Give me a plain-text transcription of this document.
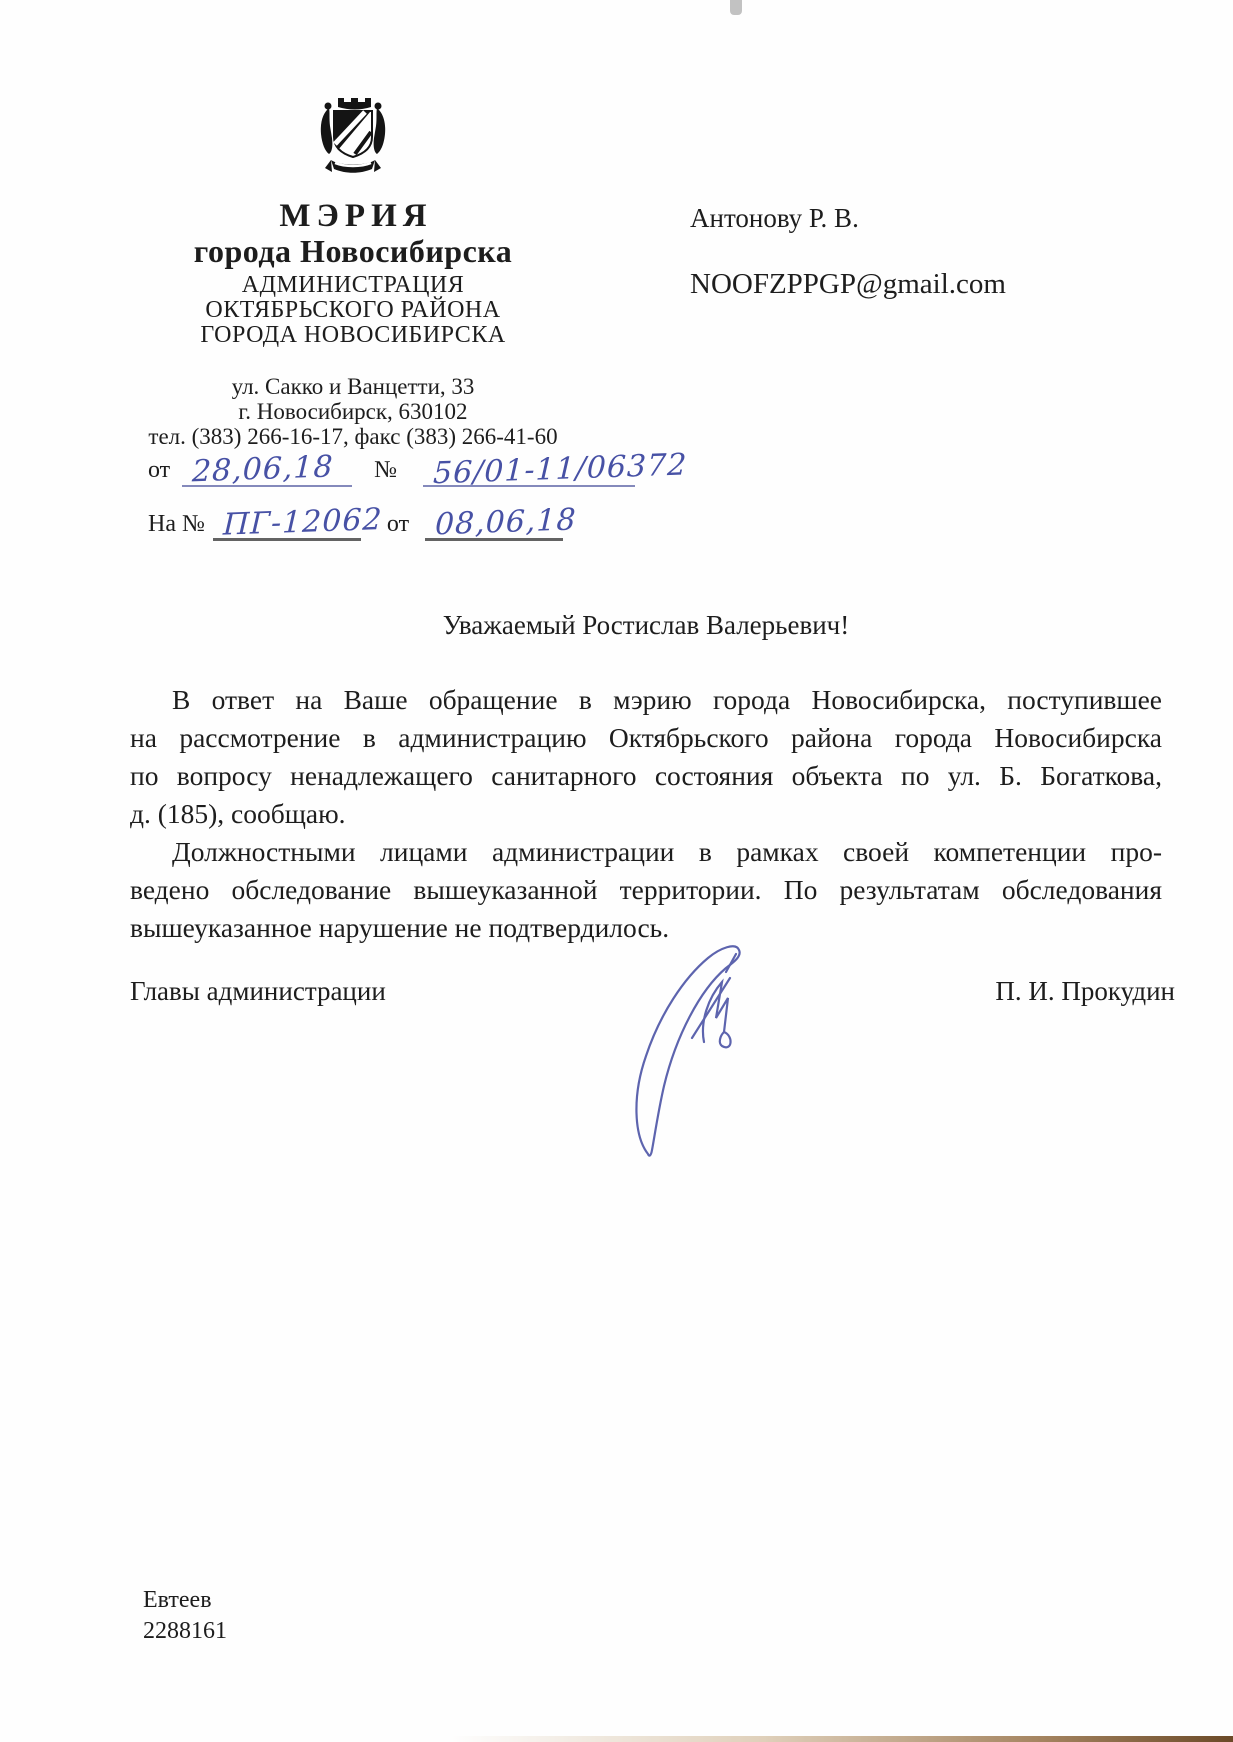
МЭРИЯ
города Новосибирска
АДМИНИСТРАЦИЯ
ОКТЯБРЬСКОГО РАЙОНА
ГОРОДА НОВОСИБИРСКА
ул. Сакко и Ванцетти, 33
г. Новосибирск, 630102
тел. (383) 266-16-17, факс (383) 266-41-60
от 28,06,18 №	56/01-11/06372
На № ПГ-12062 от 08,06,18
Антонову Р. В.
NOOFZPPGP@gmail.com
Уважаемый Ростислав Валерьевич!
В ответ на Ваше обращение в мэрию города Новосибирска, поступившее
на рассмотрение в администрацию Октябрьского района города Новосибирска
по вопросу ненадлежащего санитарного состояния объекта по ул. Б. Богаткова,
д. (185), сообщаю.
Должностными лицами администрации в рамках своей компетенции про-
ведено обследование вышеуказанной территории. По результатам обследования
вышеуказанное нарушение не подтвердилось.
Главы администрации	П. И. Прокудин
Евтеев
2288161
